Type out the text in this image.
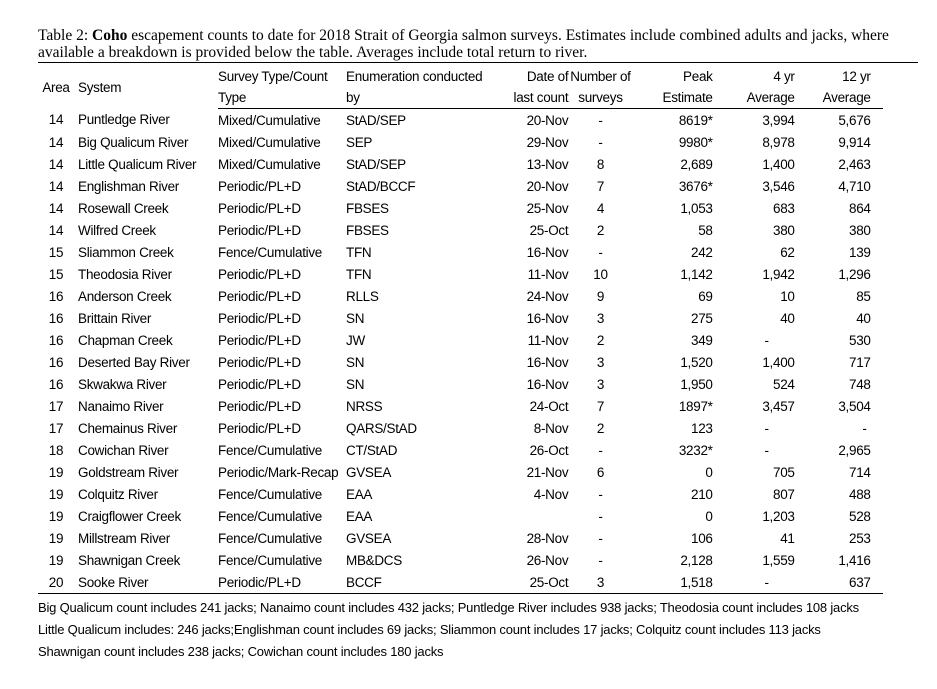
Table 2: Coho escapement counts to date for 2018 Strait of Georgia salmon surveys. Estimates include combined adults and jacks, where available a breakdown is provided below the table. Averages include total return to river.
Area	System	Survey Type/Count	Enumeration conducted	Date of	Number of	Peak	4 yr	12 yr
		Type	by	last count	surveys	Estimate	Average	Average
14	Puntledge River	Mixed/Cumulative	StAD/SEP	20-Nov	-	8619*	3,994	5,676
14	Big Qualicum River	Mixed/Cumulative	SEP	29-Nov	-	9980*	8,978	9,914
14	Little Qualicum River	Mixed/Cumulative	StAD/SEP	13-Nov	8	2,689	1,400	2,463
14	Englishman River	Periodic/PL+D	StAD/BCCF	20-Nov	7	3676*	3,546	4,710
14	Rosewall Creek	Periodic/PL+D	FBSES	25-Nov	4	1,053	683	864
14	Wilfred Creek	Periodic/PL+D	FBSES	25-Oct	2	58	380	380
15	Sliammon Creek	Fence/Cumulative	TFN	16-Nov	-	242	62	139
15	Theodosia River	Periodic/PL+D	TFN	11-Nov	10	1,142	1,942	1,296
16	Anderson Creek	Periodic/PL+D	RLLS	24-Nov	9	69	10	85
16	Brittain River	Periodic/PL+D	SN	16-Nov	3	275	40	40
16	Chapman Creek	Periodic/PL+D	JW	11-Nov	2	349	-	530
16	Deserted Bay River	Periodic/PL+D	SN	16-Nov	3	1,520	1,400	717
16	Skwakwa River	Periodic/PL+D	SN	16-Nov	3	1,950	524	748
17	Nanaimo River	Periodic/PL+D	NRSS	24-Oct	7	1897*	3,457	3,504
17	Chemainus River	Periodic/PL+D	QARS/StAD	8-Nov	2	123	-	-
18	Cowichan River	Fence/Cumulative	CT/StAD	26-Oct	-	3232*	-	2,965
19	Goldstream River	Periodic/Mark-Recap	GVSEA	21-Nov	6	0	705	714
19	Colquitz River	Fence/Cumulative	EAA	4-Nov	-	210	807	488
19	Craigflower Creek	Fence/Cumulative	EAA		-	0	1,203	528
19	Millstream River	Fence/Cumulative	GVSEA	28-Nov	-	106	41	253
19	Shawnigan Creek	Fence/Cumulative	MB&DCS	26-Nov	-	2,128	1,559	1,416
20	Sooke River	Periodic/PL+D	BCCF	25-Oct	3	1,518	-	637
Big Qualicum count includes 241 jacks; Nanaimo count includes 432 jacks; Puntledge River includes 938 jacks; Theodosia count includes 108 jacks
Little Qualicum includes: 246 jacks;Englishman count includes 69 jacks; Sliammon count includes 17 jacks; Colquitz count includes 113 jacks
Shawnigan count includes 238 jacks; Cowichan count includes 180 jacks
